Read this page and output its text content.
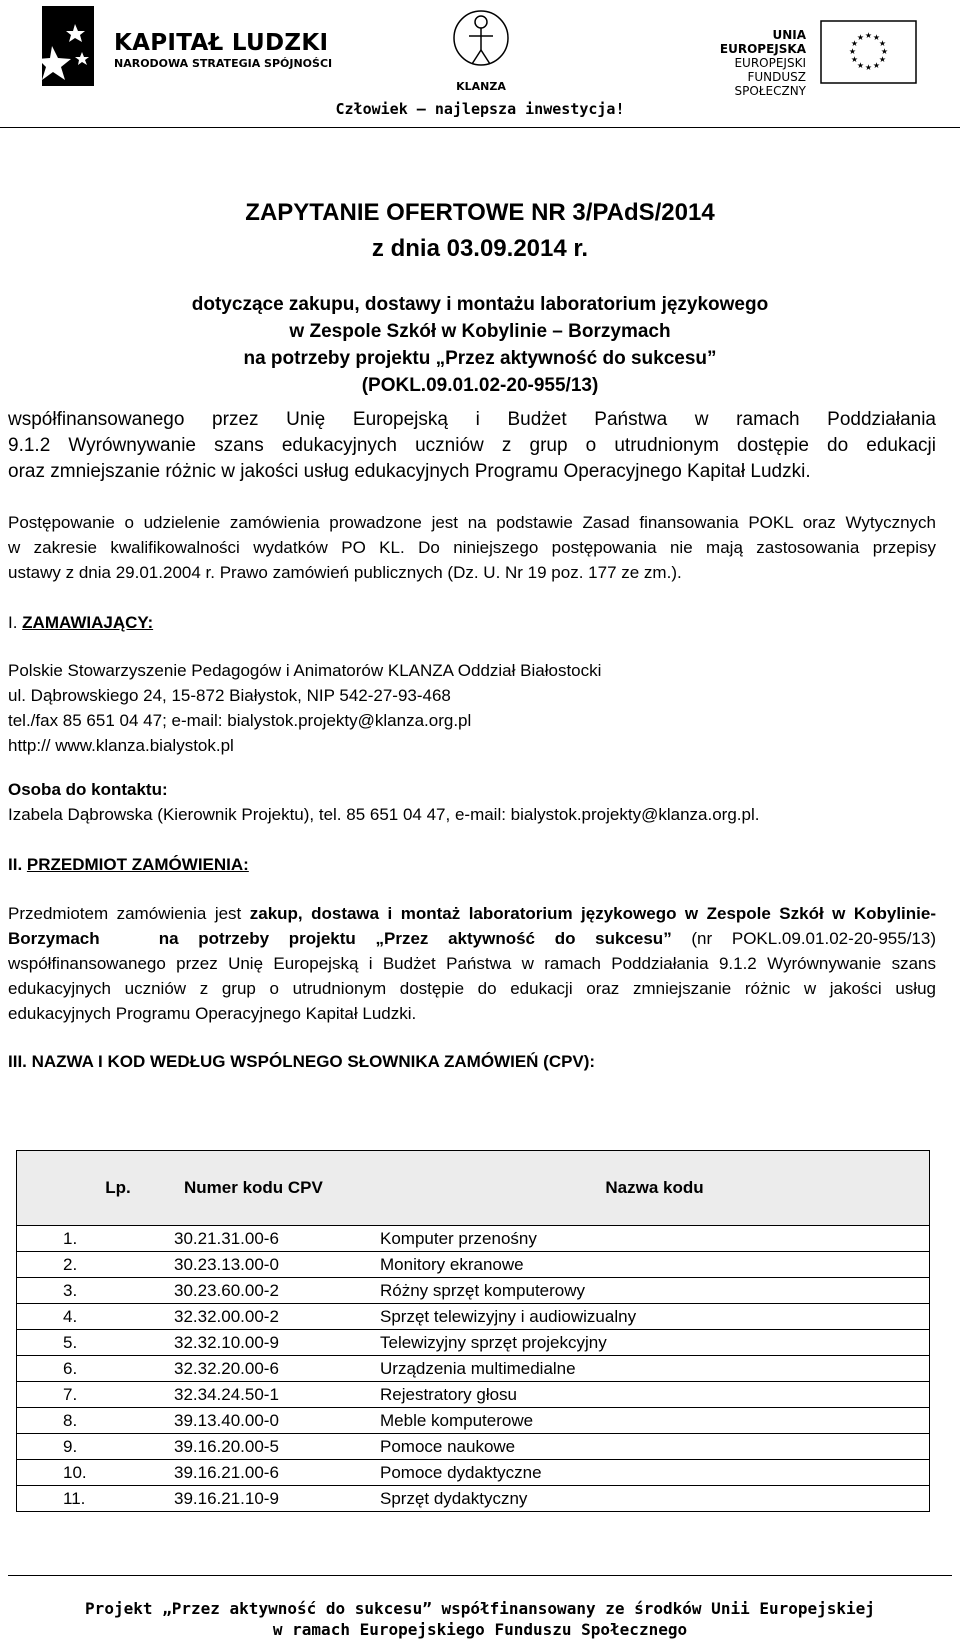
KAPITAŁ LUDZKI
NARODOWA STRATEGIA SPÓJNOŚCI
KLANZA
UNIA EUROPEJSKA
EUROPEJSKI
FUNDUSZ SPOŁECZNY
★ ★
★
★
★
★
★
★
★
★
★
★
Człowiek – najlepsza inwestycja!
ZAPYTANIE OFERTOWE NR 3/PAdS/2014
z dnia 03.09.2014 r.
dotyczące zakupu, dostawy i montażu laboratorium językowego
w Zespole Szkół w Kobylinie – Borzymach
na potrzeby projektu „Przez aktywność do sukcesu”
(POKL.09.01.02-20-955/13)
współfinansowanego przez Unię Europejską i Budżet Państwa w ramach Poddziałania
9.1.2 Wyrównywanie szans edukacyjnych uczniów z grup o utrudnionym dostępie do edukacji
oraz zmniejszanie różnic w jakości usług edukacyjnych Programu Operacyjnego Kapitał Ludzki.
Postępowanie o udzielenie zamówienia prowadzone jest na podstawie Zasad finansowania POKL oraz Wytycznych
w zakresie kwalifikowalności wydatków PO KL. Do niniejszego postępowania nie mają zastosowania przepisy
ustawy z dnia 29.01.2004 r. Prawo zamówień publicznych (Dz. U. Nr 19 poz. 177 ze zm.).
I. ZAMAWIAJĄCY:
Polskie Stowarzyszenie Pedagogów i Animatorów KLANZA Oddział Białostocki
ul. Dąbrowskiego 24, 15-872 Białystok, NIP 542-27-93-468
tel./fax 85 651 04 47; e-mail: bialystok.projekty@klanza.org.pl
http:// www.klanza.bialystok.pl
Osoba do kontaktu:
Izabela Dąbrowska (Kierownik Projektu), tel. 85 651 04 47, e-mail: bialystok.projekty@klanza.org.pl.
II. PRZEDMIOT ZAMÓWIENIA:
Przedmiotem zamówienia jest zakup, dostawa i montaż laboratorium językowego w Zespole Szkół w Kobylinie-
Borzymach   na potrzeby projektu „Przez aktywność do sukcesu” (nr POKL.09.01.02-20-955/13)
współfinansowanego przez Unię Europejską i Budżet Państwa w ramach Poddziałania 9.1.2 Wyrównywanie szans
edukacyjnych uczniów z grup o utrudnionym dostępie do edukacji oraz zmniejszanie różnic w jakości usług
edukacyjnych Programu Operacyjnego Kapitał Ludzki.
III. NAZWA I KOD WEDŁUG WSPÓLNEGO SŁOWNIKA ZAMÓWIEŃ (CPV):
Lp.	Numer kodu CPV	Nazwa kodu
1.	30.21.31.00-6	Komputer przenośny
2.	30.23.13.00-0	Monitory ekranowe
3.	30.23.60.00-2	Różny sprzęt komputerowy
4.	32.32.00.00-2	Sprzęt telewizyjny i audiowizualny
5.	32.32.10.00-9	Telewizyjny sprzęt projekcyjny
6.	32.32.20.00-6	Urządzenia multimedialne
7.	32.34.24.50-1	Rejestratory głosu
8.	39.13.40.00-0	Meble komputerowe
9.	39.16.20.00-5	Pomoce naukowe
10.	39.16.21.00-6	Pomoce dydaktyczne
11.	39.16.21.10-9	Sprzęt dydaktyczny
Projekt „Przez aktywność do sukcesu” współfinansowany ze środków Unii Europejskiej
w ramach Europejskiego Funduszu Społecznego
